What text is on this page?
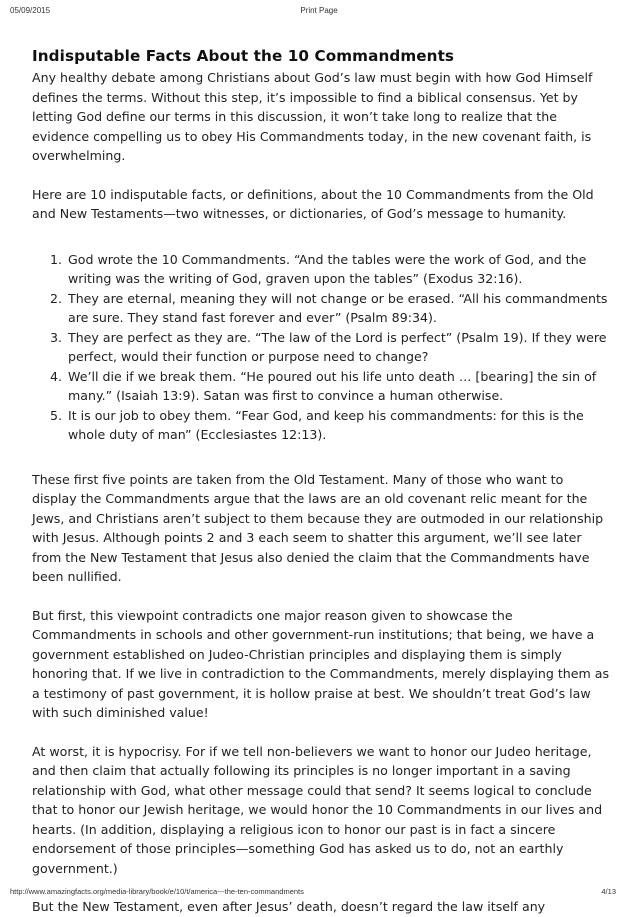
05/09/2015	Print Page
Indisputable Facts About the 10 Commandments

Any healthy debate among Christians about God’s law must begin with how God Himself defines the terms. Without this step, it’s impossible to find a biblical consensus. Yet by letting God define our terms in this discussion, it won’t take long to realize that the evidence compelling us to obey His Commandments today, in the new covenant faith, is overwhelming.

Here are 10 indisputable facts, or definitions, about the 10 Commandments from the Old and New Testaments—two witnesses, or dictionaries, of God’s message to humanity.

1. God wrote the 10 Commandments. “And the tables were the work of God, and the writing was the writing of God, graven upon the tables” (Exodus 32:16).
2. They are eternal, meaning they will not change or be erased. “All his commandments are sure. They stand fast forever and ever” (Psalm 89:34).
3. They are perfect as they are. “The law of the Lord is perfect” (Psalm 19). If they were perfect, would their function or purpose need to change?
4. We’ll die if we break them. “He poured out his life unto death … [bearing] the sin of many.” (Isaiah 13:9). Satan was first to convince a human otherwise.
5. It is our job to obey them. “Fear God, and keep his commandments: for this is the whole duty of man” (Ecclesiastes 12:13).

These first five points are taken from the Old Testament. Many of those who want to display the Commandments argue that the laws are an old covenant relic meant for the Jews, and Christians aren’t subject to them because they are outmoded in our relationship with Jesus. Although points 2 and 3 each seem to shatter this argument, we’ll see later from the New Testament that Jesus also denied the claim that the Commandments have been nullified.

But first, this viewpoint contradicts one major reason given to showcase the Commandments in schools and other government-run institutions; that being, we have a government established on Judeo-Christian principles and displaying them is simply honoring that. If we live in contradiction to the Commandments, merely displaying them as a testimony of past government, it is hollow praise at best. We shouldn’t treat God’s law with such diminished value!

At worst, it is hypocrisy. For if we tell non-believers we want to honor our Judeo heritage, and then claim that actually following its principles is no longer important in a saving relationship with God, what other message could that send? It seems logical to conclude that to honor our Jewish heritage, we would honor the 10 Commandments in our lives and hearts. (In addition, displaying a religious icon to honor our past is in fact a sincere endorsement of those principles—something God has asked us to do, not an earthly government.)

But the New Testament, even after Jesus’ death, doesn’t regard the law itself any

http://www.amazingfacts.org/media-library/book/e/10/t/america---the-ten-commandments	4/13
